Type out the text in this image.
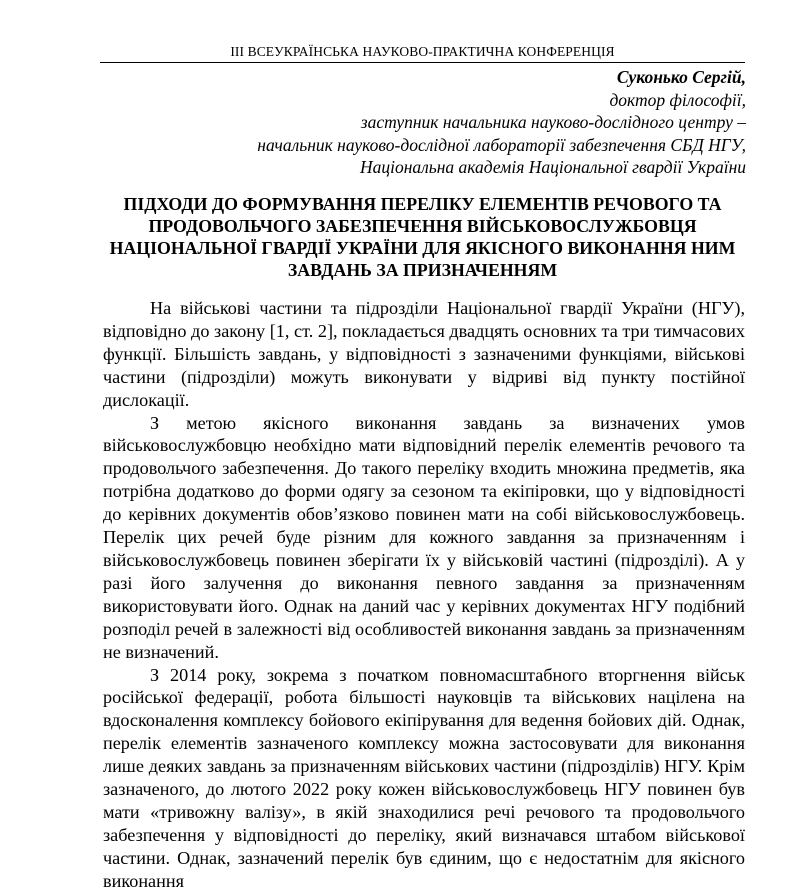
ІІІ ВСЕУКРАЇНСЬКА НАУКОВО-ПРАКТИЧНА КОНФЕРЕНЦІЯ
Суконько Сергій,
доктор філософії,
заступник начальника науково-дослідного центру –
начальник науково-дослідної лабораторії забезпечення СБД НГУ,
Національна академія Національної гвардії України
ПІДХОДИ ДО ФОРМУВАННЯ ПЕРЕЛІКУ ЕЛЕМЕНТІВ РЕЧОВОГО ТА ПРОДОВОЛЬЧОГО ЗАБЕЗПЕЧЕННЯ ВІЙСЬКОВОСЛУЖБОВЦЯ НАЦІОНАЛЬНОЇ ГВАРДІЇ УКРАЇНИ ДЛЯ ЯКІСНОГО ВИКОНАННЯ НИМ ЗАВДАНЬ ЗА ПРИЗНАЧЕННЯМ

На військові частини та підрозділи Національної гвардії України (НГУ), відповідно до закону [1, ст. 2], покладається двадцять основних та три тимчасових функції. Більшість завдань, у відповідності з зазначеними функціями, військові частини (підрозділи) можуть виконувати у відриві від пункту постійної дислокації.

З метою якісного виконання завдань за визначених умов військовослужбовцю необхідно мати відповідний перелік елементів речового та продовольчого забезпечення. До такого переліку входить множина предметів, яка потрібна додатково до форми одягу за сезоном та екіпіровки, що у відповідності до керівних документів обов’язково повинен мати на собі військовослужбовець. Перелік цих речей буде різним для кожного завдання за призначенням і військовослужбовець повинен зберігати їх у військовій частині (підрозділі). А у разі його залучення до виконання певного завдання за призначенням використовувати його. Однак на даний час у керівних документах НГУ подібний розподіл речей в залежності від особливостей виконання завдань за призначенням не визначений.

З 2014 року, зокрема з початком повномасштабного вторгнення військ російської федерації, робота більшості науковців та військових націлена на вдосконалення комплексу бойового екіпірування для ведення бойових дій. Однак, перелік елементів зазначеного комплексу можна застосовувати для виконання лише деяких завдань за призначенням військових частини (підрозділів) НГУ. Крім зазначеного, до лютого 2022 року кожен військовослужбовець НГУ повинен був мати «тривожну валізу», в якій знаходилися речі речового та продовольчого забезпечення у відповідності до переліку, який визначався штабом військової частини. Однак, зазначений перелік був єдиним, що є недостатнім для якісного виконання
